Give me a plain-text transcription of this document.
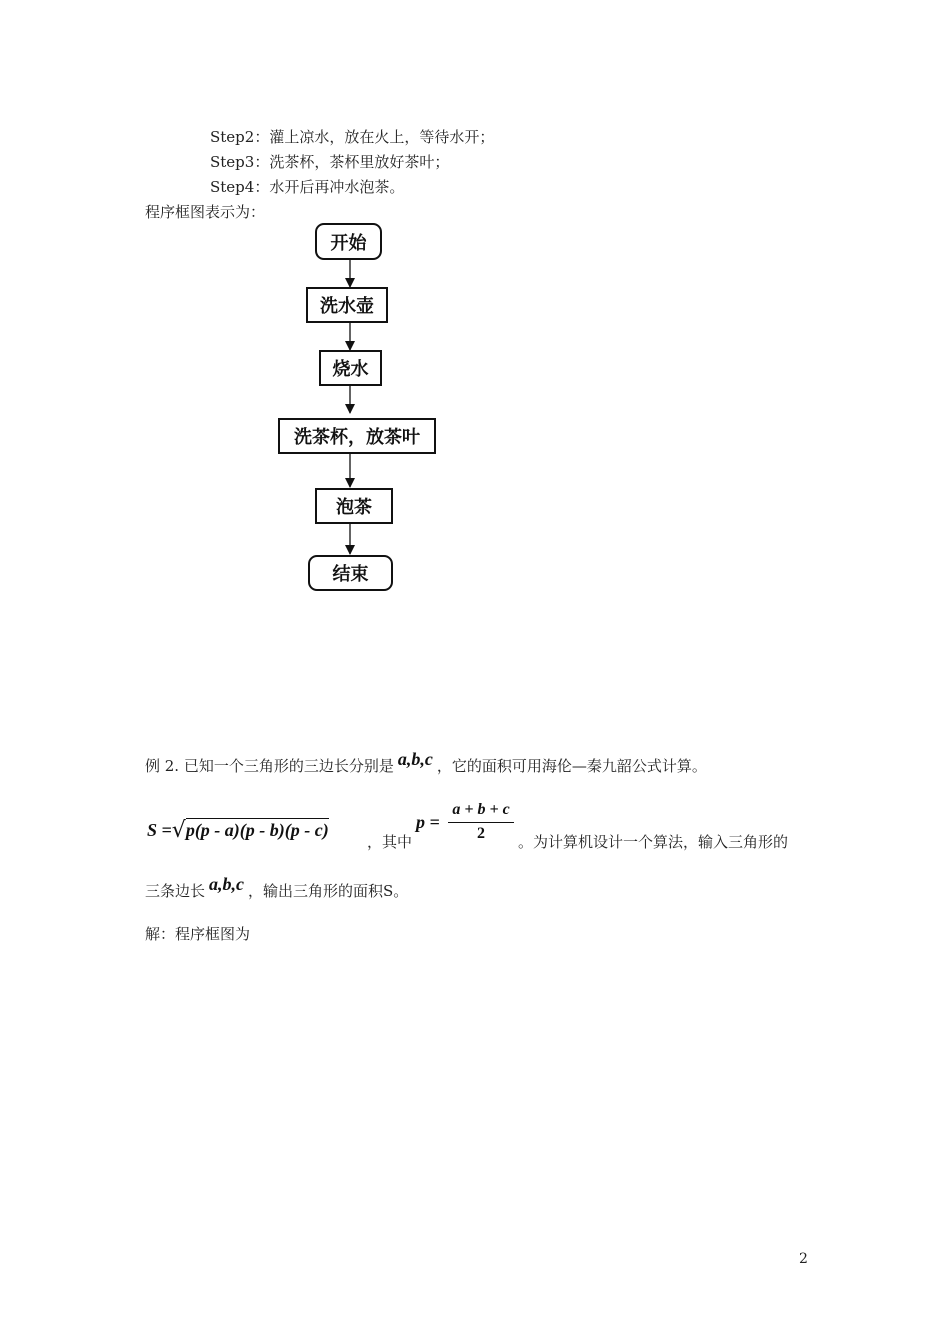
Step2：灌上凉水，放在火上，等待水开；
Step3：洗茶杯，茶杯里放好茶叶；
Step4：水开后再冲水泡茶。
程序框图表示为：
开始
洗水壶
烧水
洗茶杯，放茶叶
泡茶
结束
例 2. 已知一个三角形的三边长分别是 a,b,c ，它的面积可用海伦—秦九韶公式计算。
S =√p(p - a)(p - b)(p - c)
，其中
p =
a + b + c
2	。为计算机设计一个算法，输入三角形的
三条边长 a,b,c ，输出三角形的面积S。
解：程序框图为
2
